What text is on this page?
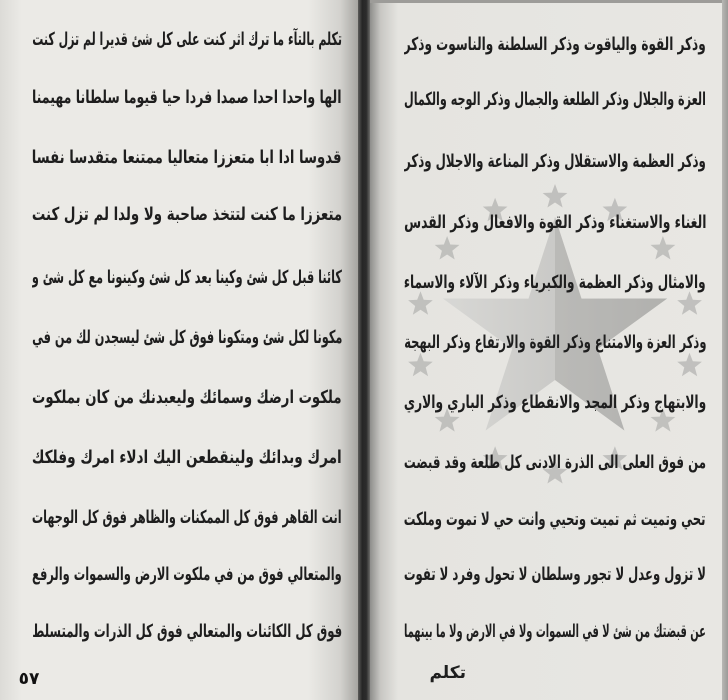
تكلم بالتآء ما ترك اثر كنت على كل شئ قديرا لم تزل كنت
الها واحدا احدا صمدا فردا حيا قيوما سلطانا مهيمنا
قدوسا ادا ابا متعززا متعاليا ممتنعا متقدسا نفسا
متعززا ما كنت لتتخذ صاحبة ولا ولدا لم تزل كنت
كائنا قبل كل شئ وكينا بعد كل شئ وكينونا مع كل شئ و
مكونا لكل شئ ومتكونا فوق كل شئ ليسجدن لك من في
ملكوت ارضك وسمائك وليعبدنك من كان بملكوت
امرك وبدائك ولينقطعن اليك ادلاء امرك وفلكك
انت القاهر فوق كل الممكنات والظاهر فوق كل الوجهات
والمتعالي فوق من في ملكوت الارض والسموات والرفع
فوق كل الكائنات والمتعالي فوق كل الذرات والمتسلط
وذكر القوة والياقوت وذكر السلطنة والناسوت وذكر
العزة والجلال وذكر الطلعة والجمال وذكر الوجه والكمال
وذكر العظمة والاستقلال وذكر المناعة والاجلال وذكر
الغناء والاستغناء وذكر القوة والافعال وذكر القدس
والامثال وذكر العظمة والكبرياء وذكر الآلاء والاسماء
وذكر العزة والامتناع وذكر القوة والارتفاع وذكر البهجة
والابتهاج وذكر المجد والانقطاع وذكر الباري والاري
من فوق العلى الى الذرة الادنى كل طلعة وقد قبضت
تحي وتميت ثم تميت وتحيي وانت حي لا تموت وملكت
لا تزول وعدل لا تجور وسلطان لا تحول وفرد لا تفوت
عن قبضتك من شئ لا في السموات ولا في الارض ولا ما بينهما
تكلم
٥٧
